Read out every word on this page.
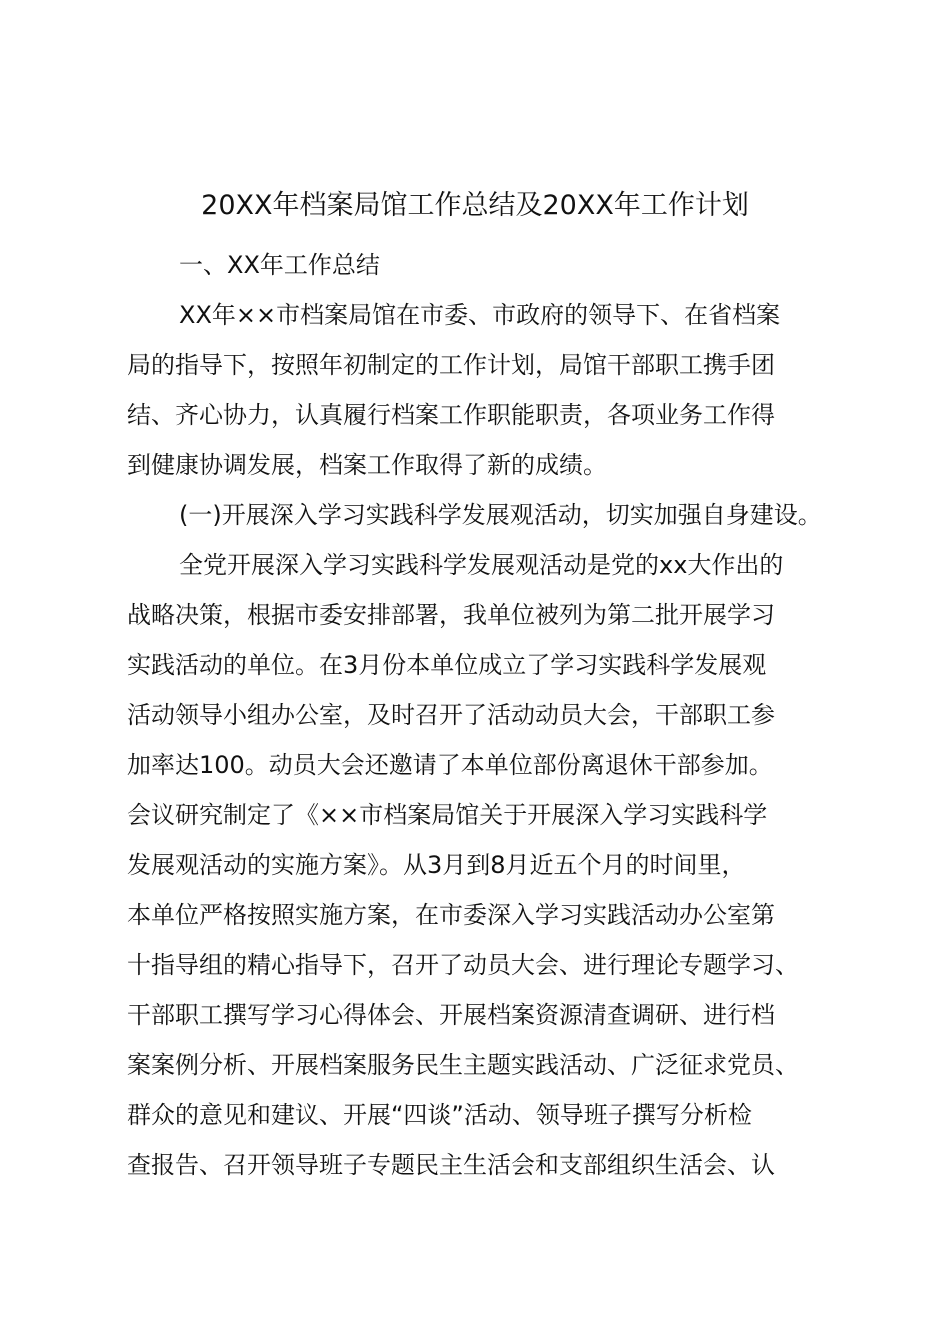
20XX年档案局馆工作总结及20XX年工作计划
一、XX年工作总结
XX年××市档案局馆在市委、市政府的领导下、在省档案
局的指导下，按照年初制定的工作计划，局馆干部职工携手团
结、齐心协力，认真履行档案工作职能职责，各项业务工作得
到健康协调发展，档案工作取得了新的成绩。
(一)开展深入学习实践科学发展观活动，切实加强自身建设。
全党开展深入学习实践科学发展观活动是党的xx大作出的
战略决策，根据市委安排部署，我单位被列为第二批开展学习
实践活动的单位。在3月份本单位成立了学习实践科学发展观
活动领导小组办公室，及时召开了活动动员大会，干部职工参
加率达100。动员大会还邀请了本单位部份离退休干部参加。
会议研究制定了《××市档案局馆关于开展深入学习实践科学
发展观活动的实施方案》。从3月到8月近五个月的时间里，
本单位严格按照实施方案，在市委深入学习实践活动办公室第
十指导组的精心指导下，召开了动员大会、进行理论专题学习、
干部职工撰写学习心得体会、开展档案资源清查调研、进行档
案案例分析、开展档案服务民生主题实践活动、广泛征求党员、
群众的意见和建议、开展“四谈”活动、领导班子撰写分析检
查报告、召开领导班子专题民主生活会和支部组织生活会、认
